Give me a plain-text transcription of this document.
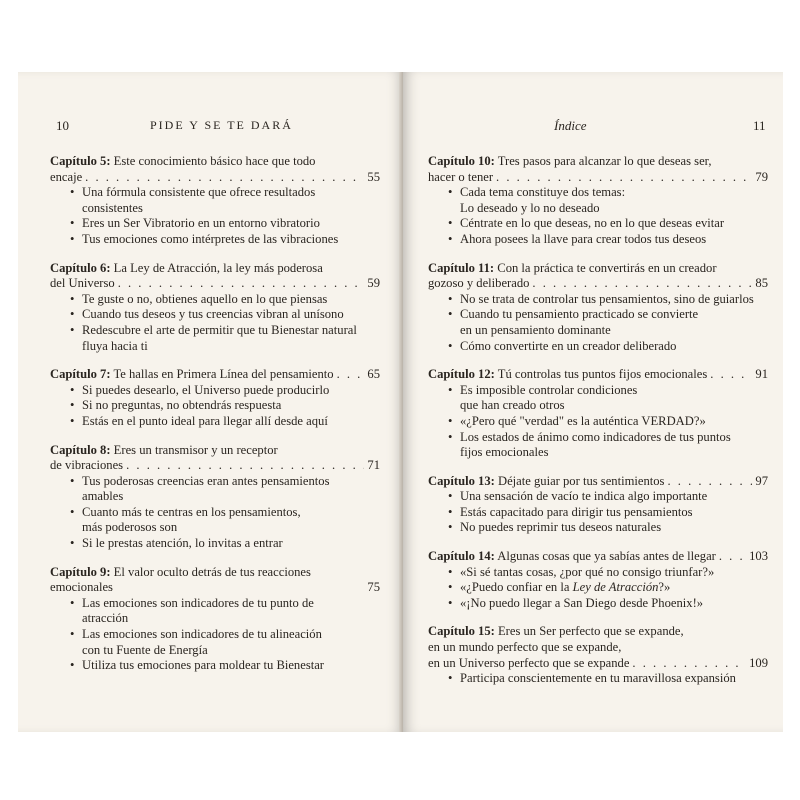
10	PIDE Y SE TE DARÁ
Capítulo 5: Este conocimiento básico hace que todo
encaje . . .	55
• Una fórmula consistente que ofrece resultados
consistentes
• Eres un Ser Vibratorio en un entorno vibratorio
• Tus emociones como intérpretes de las vibraciones
Capítulo 6: La Ley de Atracción, la ley más poderosa
del Universo . . .	59
• Te guste o no, obtienes aquello en lo que piensas
• Cuando tus deseos y tus creencias vibran al unísono
• Redescubre el arte de permitir que tu Bienestar natural
fluya hacia ti
Capítulo 7: Te hallas en Primera Línea del pensamiento . . .	65
• Si puedes desearlo, el Universo puede producirlo
• Si no preguntas, no obtendrás respuesta
• Estás en el punto ideal para llegar allí desde aquí
Capítulo 8: Eres un transmisor y un receptor
de vibraciones . . .	71
• Tus poderosas creencias eran antes pensamientos
amables
• Cuanto más te centras en los pensamientos,
más poderosos son
• Si le prestas atención, lo invitas a entrar
Capítulo 9: El valor oculto detrás de tus reacciones
emocionales	75
• Las emociones son indicadores de tu punto de
atracción
• Las emociones son indicadores de tu alineación
con tu Fuente de Energía
• Utiliza tus emociones para moldear tu Bienestar
Índice	11
Capítulo 10: Tres pasos para alcanzar lo que deseas ser,
hacer o tener . . .	79
• Cada tema constituye dos temas:
Lo deseado y lo no deseado
• Céntrate en lo que deseas, no en lo que deseas evitar
• Ahora posees la llave para crear todos tus deseos
Capítulo 11: Con la práctica te convertirás en un creador
gozoso y deliberado . . .	85
• No se trata de controlar tus pensamientos, sino de guiarlos
• Cuando tu pensamiento practicado se convierte
en un pensamiento dominante
• Cómo convertirte en un creador deliberado
Capítulo 12: Tú controlas tus puntos fijos emocionales . . .	91
• Es imposible controlar condiciones
que han creado otros
• «¿Pero qué "verdad" es la auténtica VERDAD?»
• Los estados de ánimo como indicadores de tus puntos
fijos emocionales
Capítulo 13: Déjate guiar por tus sentimientos . . .	97
• Una sensación de vacío te indica algo importante
• Estás capacitado para dirigir tus pensamientos
• No puedes reprimir tus deseos naturales
Capítulo 14: Algunas cosas que ya sabías antes de llegar . . .	103
• «Si sé tantas cosas, ¿por qué no consigo triunfar?»
• «¿Puedo confiar en la Ley de Atracción?»
• «¡No puedo llegar a San Diego desde Phoenix!»
Capítulo 15: Eres un Ser perfecto que se expande,
en un mundo perfecto que se expande,
en un Universo perfecto que se expande . . .	109
• Participa conscientemente en tu maravillosa expansión
